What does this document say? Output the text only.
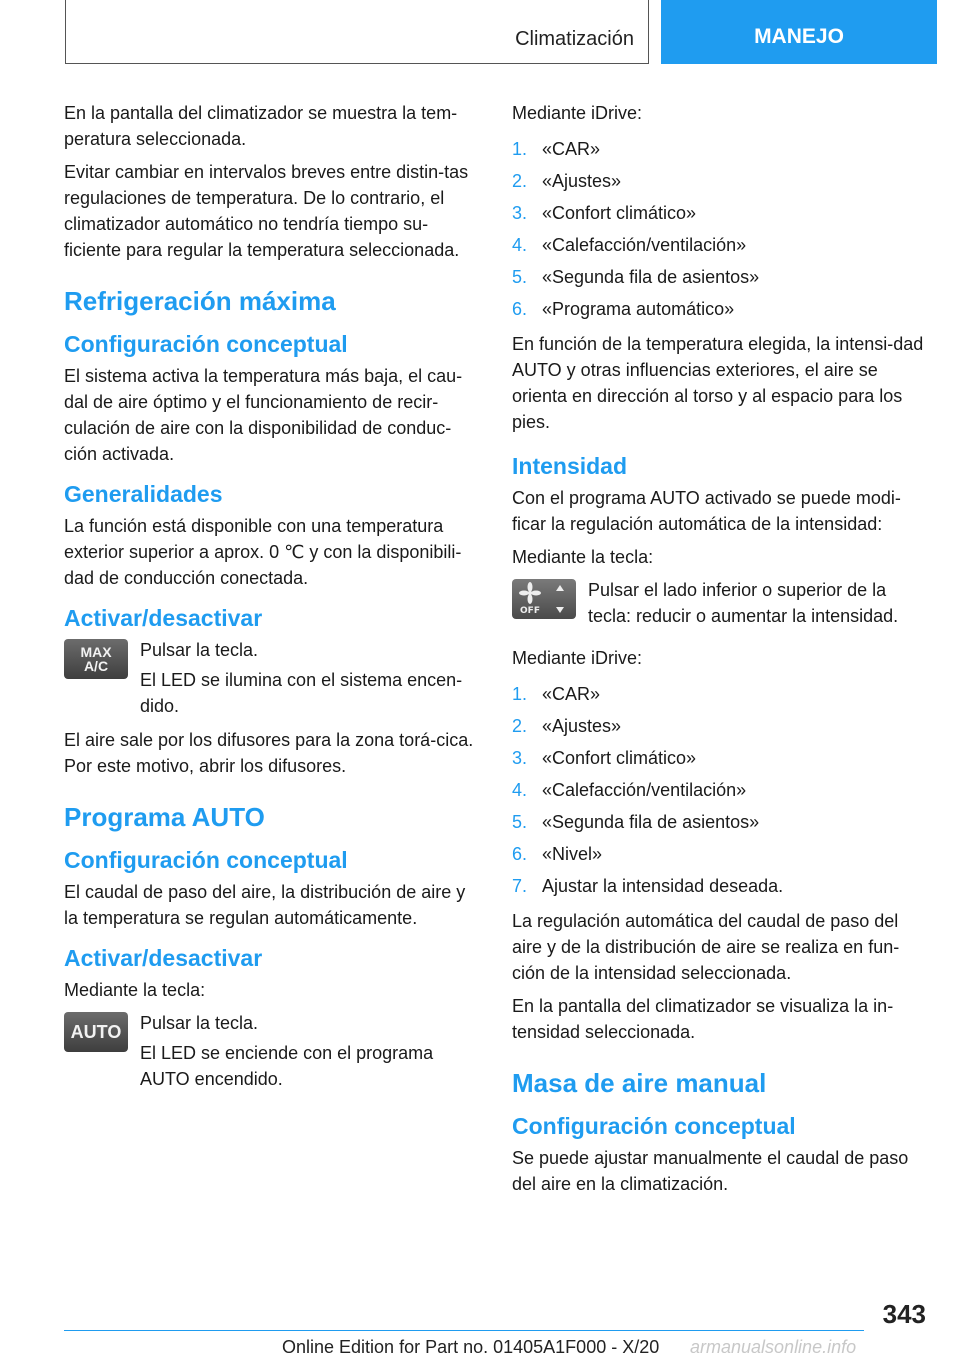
Climatización	MANEJO

En la pantalla del climatizador se muestra la tem-peratura seleccionada.

Evitar cambiar en intervalos breves entre distin-tas regulaciones de temperatura. De lo contrario, el climatizador automático no tendría tiempo su-ficiente para regular la temperatura seleccionada.

Refrigeración máxima
Configuración conceptual

El sistema activa la temperatura más baja, el cau-dal de aire óptimo y el funcionamiento de recir-culación de aire con la disponibilidad de conduc-ción activada.

Generalidades

La función está disponible con una temperatura exterior superior a aprox. 0 ℃ y con la disponibili-dad de conducción conectada.

Activar/desactivar
MAX
A/C

Pulsar la tecla.

El LED se ilumina con el sistema encen-dido.

El aire sale por los difusores para la zona torá-cica. Por este motivo, abrir los difusores.

Programa AUTO
Configuración conceptual

El caudal de paso del aire, la distribución de aire y la temperatura se regulan automáticamente.

Activar/desactivar

Mediante la tecla:

AUTO	Pulsar la tecla.

El LED se enciende con el programa AUTO encendido.

Mediante iDrive:

1. «CAR»
2. «Ajustes»
3. «Confort climático»
4. «Calefacción/ventilación»
5. «Segunda fila de asientos»
6. «Programa automático»

En función de la temperatura elegida, la intensi-dad AUTO y otras influencias exteriores, el aire se orienta en dirección al torso y al espacio para los pies.

Intensidad

Con el programa AUTO activado se puede modi-ficar la regulación automática de la intensidad:

Mediante la tecla:

OFF

Pulsar el lado inferior o superior de la tecla: reducir o aumentar la intensidad.

Mediante iDrive:

1. «CAR»
2. «Ajustes»
3. «Confort climático»
4. «Calefacción/ventilación»
5. «Segunda fila de asientos»
6. «Nivel»
7. Ajustar la intensidad deseada.

La regulación automática del caudal de paso del aire y de la distribución de aire se realiza en fun-ción de la intensidad seleccionada.

En la pantalla del climatizador se visualiza la in-tensidad seleccionada.

Masa de aire manual
Configuración conceptual

Se puede ajustar manualmente el caudal de paso del aire en la climatización.

343
Online Edition for Part no. 01405A1F000 - X/20 armanualsonline.info
